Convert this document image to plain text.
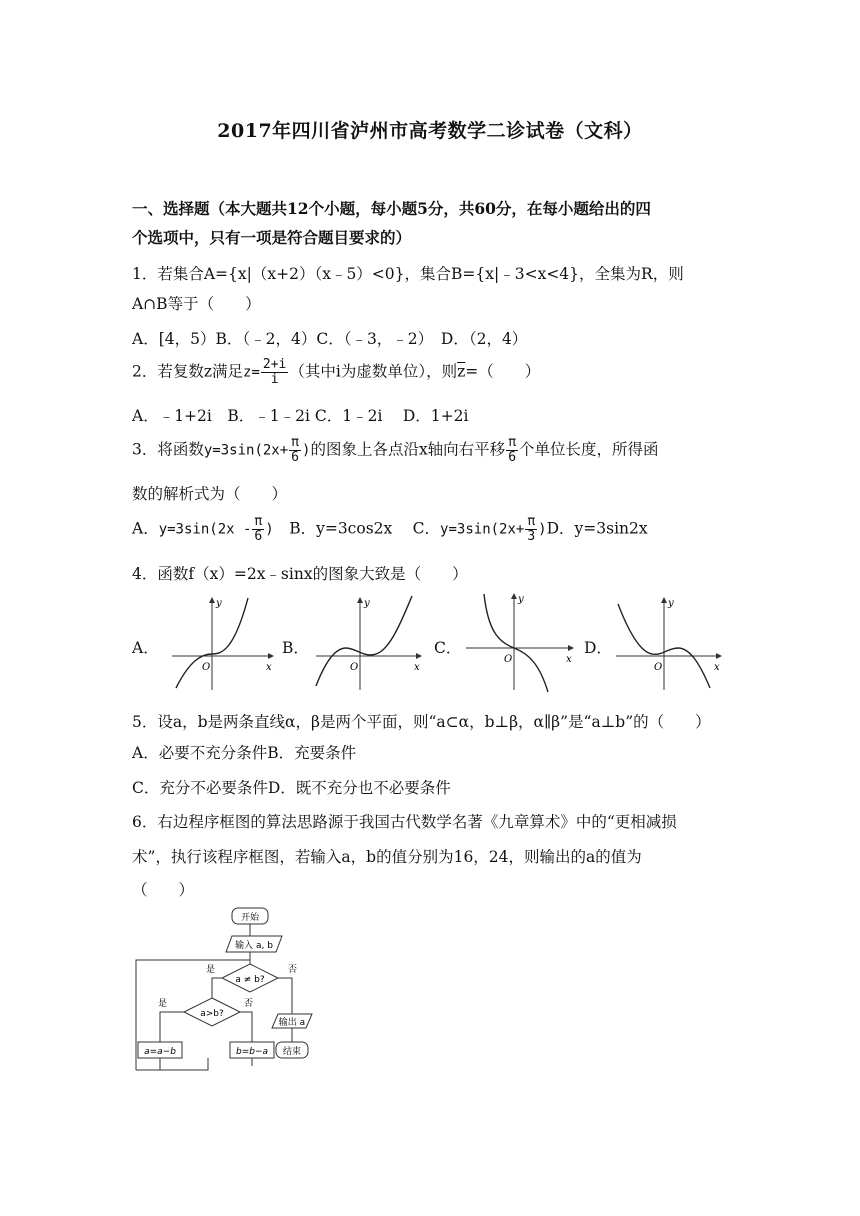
2017年四川省泸州市高考数学二诊试卷（文科）
一、选择题（本大题共12个小题，每小题5分，共60分，在每小题给出的四
个选项中，只有一项是符合题目要求的）
1．若集合A={x|（x+2）（x﹣5）<0}，集合B={x|﹣3<x<4}，全集为R，则
A∩B等于（　　）
A．[4，5）B．（﹣2，4）C．（﹣3，﹣2）　D．（2，4）
2．若复数z满足$z= \frac{2+i}{i}$ （其中i为虚数单位），则$\overline{z}=$（　　）
A．﹣1+2i　B．﹣1﹣2i C．1﹣2i　 D．1+2i
3．将函数$y=3\sin(2x+ \frac{\pi}{6}$ )的图象上各点沿x轴向右平移 $\frac{\pi}{6}$ 个单位长度，所得函
数的解析式为（　　）
A．$y=3\sin(2x - \frac{\pi}{6}$ )　B．y=3cos2x　 C．$y=3\sin(2x+ \frac{\pi}{3} )D$．y=3sin2x
4．函数f（x）=2x﹣sinx的图象大致是（　　）
A．
y
x
O
B．
y
x
O
C．
y
x
O
D．
y
x
O
5．设a，b是两条直线α，β是两个平面，则“a⊂α，b⊥β，α∥β”是“a⊥b”的（　　）
A．必要不充分条件B．充要条件
C．充分不必要条件D．既不充分也不必要条件
6．右边程序框图的算法思路源于我国古代数学名著《九章算术》中的“更相减损
术”，执行该程序框图，若输入a，b的值分别为16，24，则输出的a的值为
（　　）
开始
输入 a, b
a ≠ b?
是	否
输出 a
结束
a>b?
是	否
a=a−b	b=b−a
